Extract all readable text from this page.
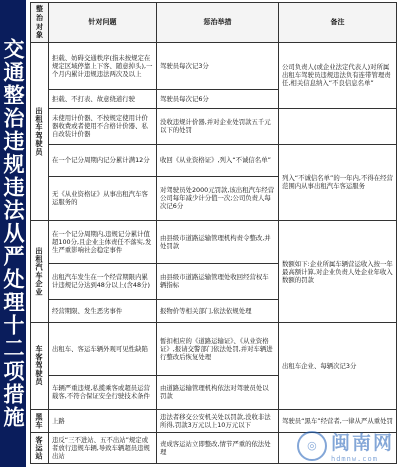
交通整治违规违法从严处理十二项措施
整治对象	针对问题	惩治举措	备注
出租车驾驶员	拒载、妨碍交通秩序(指未按规定在规定区域停靠上下客、随意掉头),一个月内累计违规违法两次及以上	驾驶员每次记3分	公司负责人(或企业法定代表人)对所属出租车驾驶员违规违法负有连带管理责任,相关信息纳入“不良信息名单”
	拒载、不打表、故意绕道行驶	驾驶员每次记6分	
	未使用计价器、不按规定使用计价器收费或者使用不合格计价器、私自改装计价器	没收违规计价器,并对企业处罚款五千元以下的处罚	
	在一个记分周期内记分累计满12分	收回《从业资格证》,列入“不诚信名单”	列入“不诚信名单”的一年内,不得在经营范围内从事出租汽车客运服务
	无《从业资格证》从事出租汽车客运服务的	对驾驶员处2000元罚款,该出租汽车经营公司每年减少计分值一次;公司负责人每次记6分	
出租汽车企业	在一个记分周期内,违规记分累计值超100分,且企业主体责任不落实,发生严重影响社会稳定事件	由县级市道路运输管理机构责令整改,并处罚款	数额如下:企业所属车辆营运收入按一年最高额计算,对企业负责人处企业年收入数额的罚款
	出租汽车发生在一个经营期限内累计违规记分达到48分以上(含48分)	由县级市道路运输管理处收回经营权车辆指标	
	经营期限、发生恶劣事件	报物价等相关部门,依法依规处理	
车客驾驶员	出租车、客运车辆外观可见性缺陷	暂扣相应的《道路运输证》、《从业资格证》,报请交警部门依法处罚,并对车辆进行整改后恢复处理	出租车企业、每辆次记3分
	车辆严重违规,私揽乘客或超员运营载客,不符合保证安全行驶技术条件	由道路运输管理机构依法对驾驶员处以罚款	
黑车	上路	违法者移交公安机关处以罚款,没收非法所得,罚款3万元以上10万元以下	驾驶员“黑车”经营者,一律从严从重处罚
客运站	违反“三不进站、五不出站”规定或者放行违规车辆,导致车辆超员违规出站	责成客运站立即整改,情节严重的依法处理	
◎ 闽南网
hdmnw.com
